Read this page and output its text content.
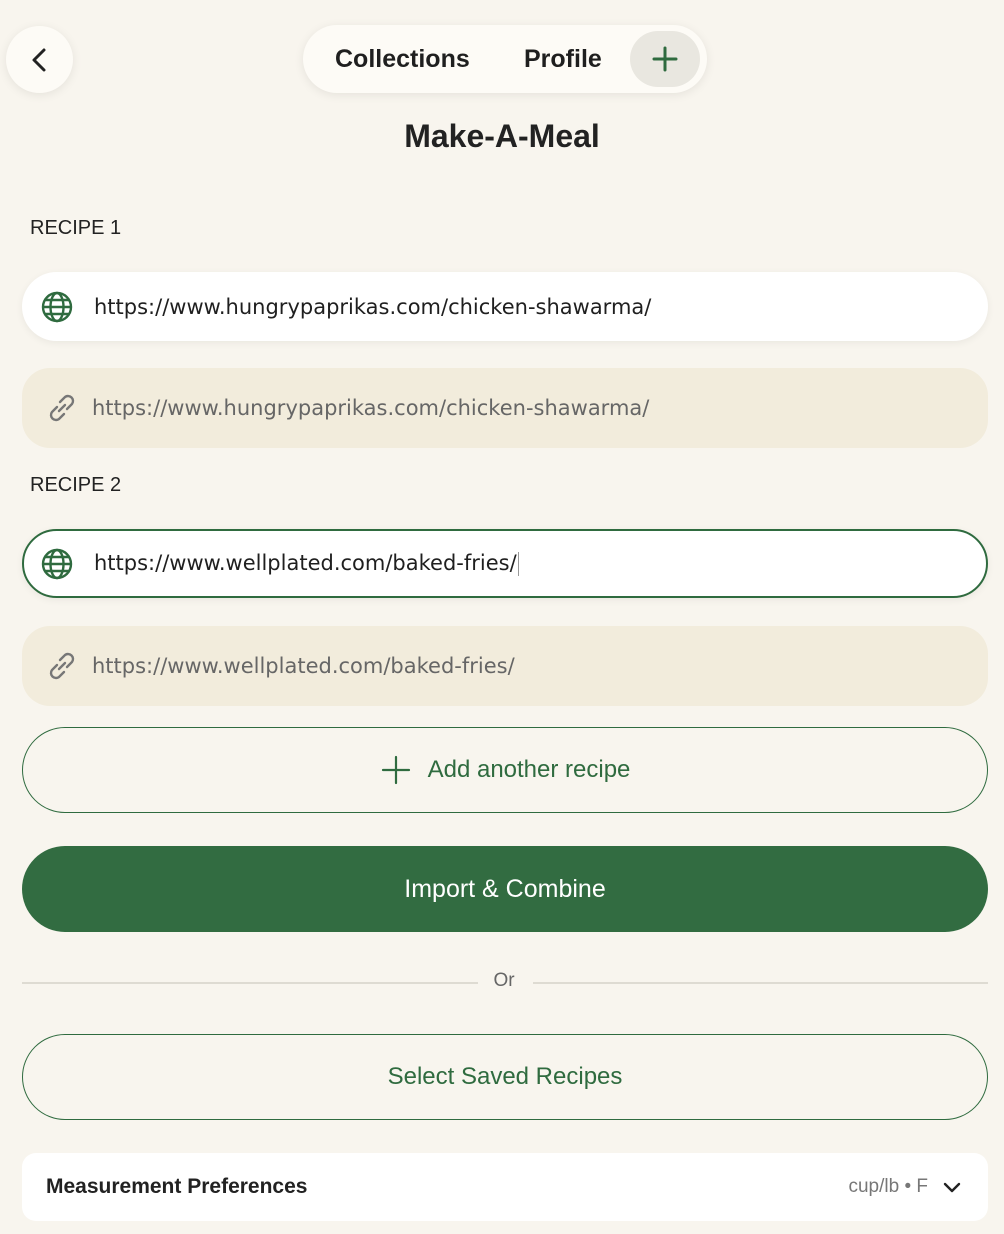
Collections Profile
Make-A-Meal
RECIPE 1
https://www.hungrypaprikas.com/chicken-shawarma/
https://www.hungrypaprikas.com/chicken-shawarma/
RECIPE 2
https://www.wellplated.com/baked-fries/
https://www.wellplated.com/baked-fries/
Add another recipe
Import & Combine
Or
Select Saved Recipes
Measurement Preferences	cup/lb • F
